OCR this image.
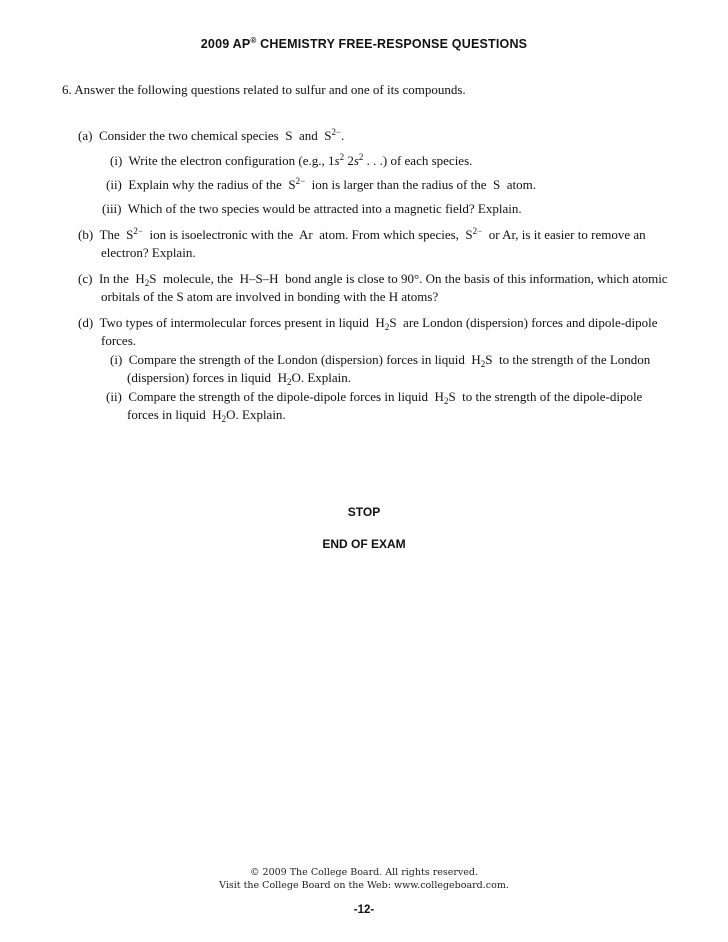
2009 AP® CHEMISTRY FREE-RESPONSE QUESTIONS
6. Answer the following questions related to sulfur and one of its compounds.
(a) Consider the two chemical species S and $S^{2-}$.
(i) Write the electron configuration (e.g., $1s^2$ $2s^2$ . . .) of each species.
(ii) Explain why the radius of the $S^{2-}$ ion is larger than the radius of the S atom.
(iii) Which of the two species would be attracted into a magnetic field? Explain.
(b) The $S^{2-}$ ion is isoelectronic with the Ar atom. From which species, $S^{2-}$ or Ar, is it easier to remove an
electron? Explain.
(c) In the $H_2S$ molecule, the H–S–H bond angle is close to 90°. On the basis of this information, which atomic
orbitals of the S atom are involved in bonding with the H atoms?
(d) Two types of intermolecular forces present in liquid $H_2S$ are London (dispersion) forces and dipole-dipole
forces.
(i) Compare the strength of the London (dispersion) forces in liquid $H_2S$ to the strength of the London
(dispersion) forces in liquid $H_2O$. Explain.
(ii) Compare the strength of the dipole-dipole forces in liquid $H_2S$ to the strength of the dipole-dipole
forces in liquid $H_2O$. Explain.
STOP
END OF EXAM
© 2009 The College Board. All rights reserved.
Visit the College Board on the Web: www.collegeboard.com.
-12-
